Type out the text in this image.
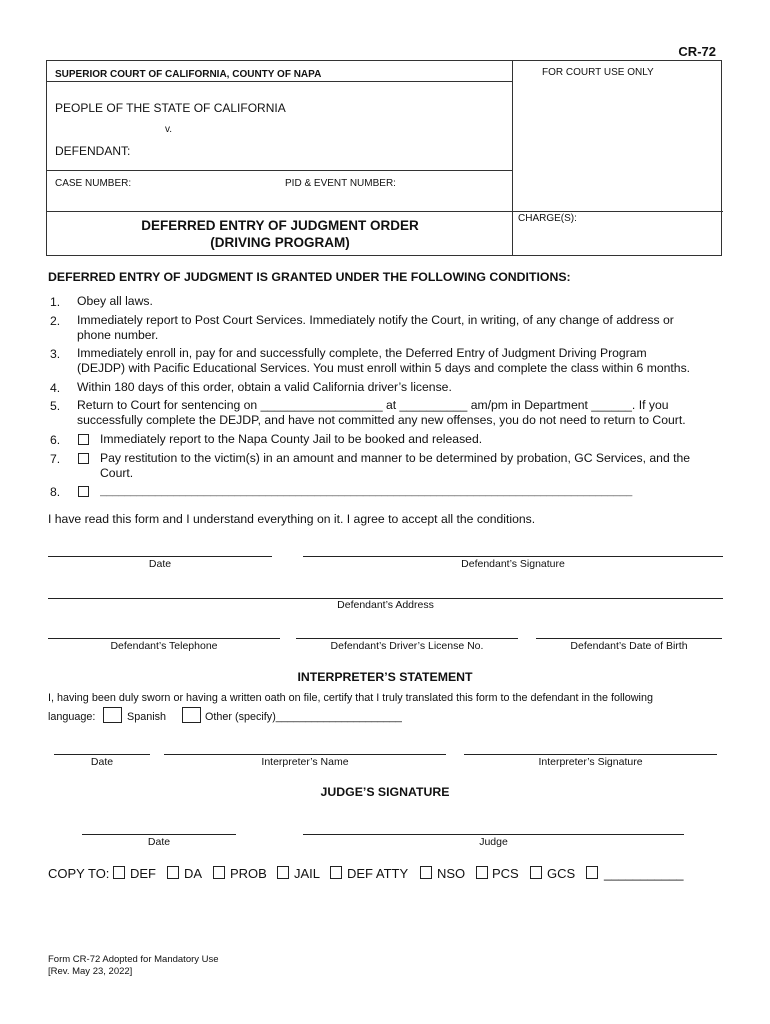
CR-72
SUPERIOR COURT OF CALIFORNIA, COUNTY OF NAPA	FOR COURT USE ONLY
PEOPLE OF THE STATE OF CALIFORNIA
v.
DEFENDANT:
CASE NUMBER:	PID & EVENT NUMBER:
DEFERRED ENTRY OF JUDGMENT ORDER
(DRIVING PROGRAM)
CHARGE(S):
DEFERRED ENTRY OF JUDGMENT IS GRANTED UNDER THE FOLLOWING CONDITIONS:
1. Obey all laws.
2. Immediately report to Post Court Services. Immediately notify the Court, in writing, of any change of address or
phone number.
3. Immediately enroll in, pay for and successfully complete, the Deferred Entry of Judgment Driving Program
(DEJDP) with Pacific Educational Services. You must enroll within 5 days and complete the class within 6 months.
4. Within 180 days of this order, obtain a valid California driver’s license.
5. Return to Court for sentencing on __________________ at __________ am/pm in Department ______. If you
successfully complete the DEJDP, and have not committed any new offenses, you do not need to return to Court.
6.	Immediately report to the Napa County Jail to be booked and released.
7.	Pay restitution to the victim(s) in an amount and manner to be determined by probation, GC Services, and the
Court.
8.	_______________________________________________________________________________________
I have read this form and I understand everything on it. I agree to accept all the conditions.
Date	Defendant’s Signature
Defendant’s Address
Defendant’s Telephone	Defendant’s Driver’s License No.	Defendant’s Date of Birth
INTERPRETER’S STATEMENT
I, having been duly sworn or having a written oath on file, certify that I truly translated this form to the defendant in the following
language:	Spanish	Other (specify)_____________________
Date	Interpreter’s Name	Interpreter’s Signature
JUDGE’S SIGNATURE
Date	Judge
COPY TO: DEF DA PROB JAIL DEF ATTY NSO PCS GCS ___________
Form CR-72 Adopted for Mandatory Use
[Rev. May 23, 2022]
